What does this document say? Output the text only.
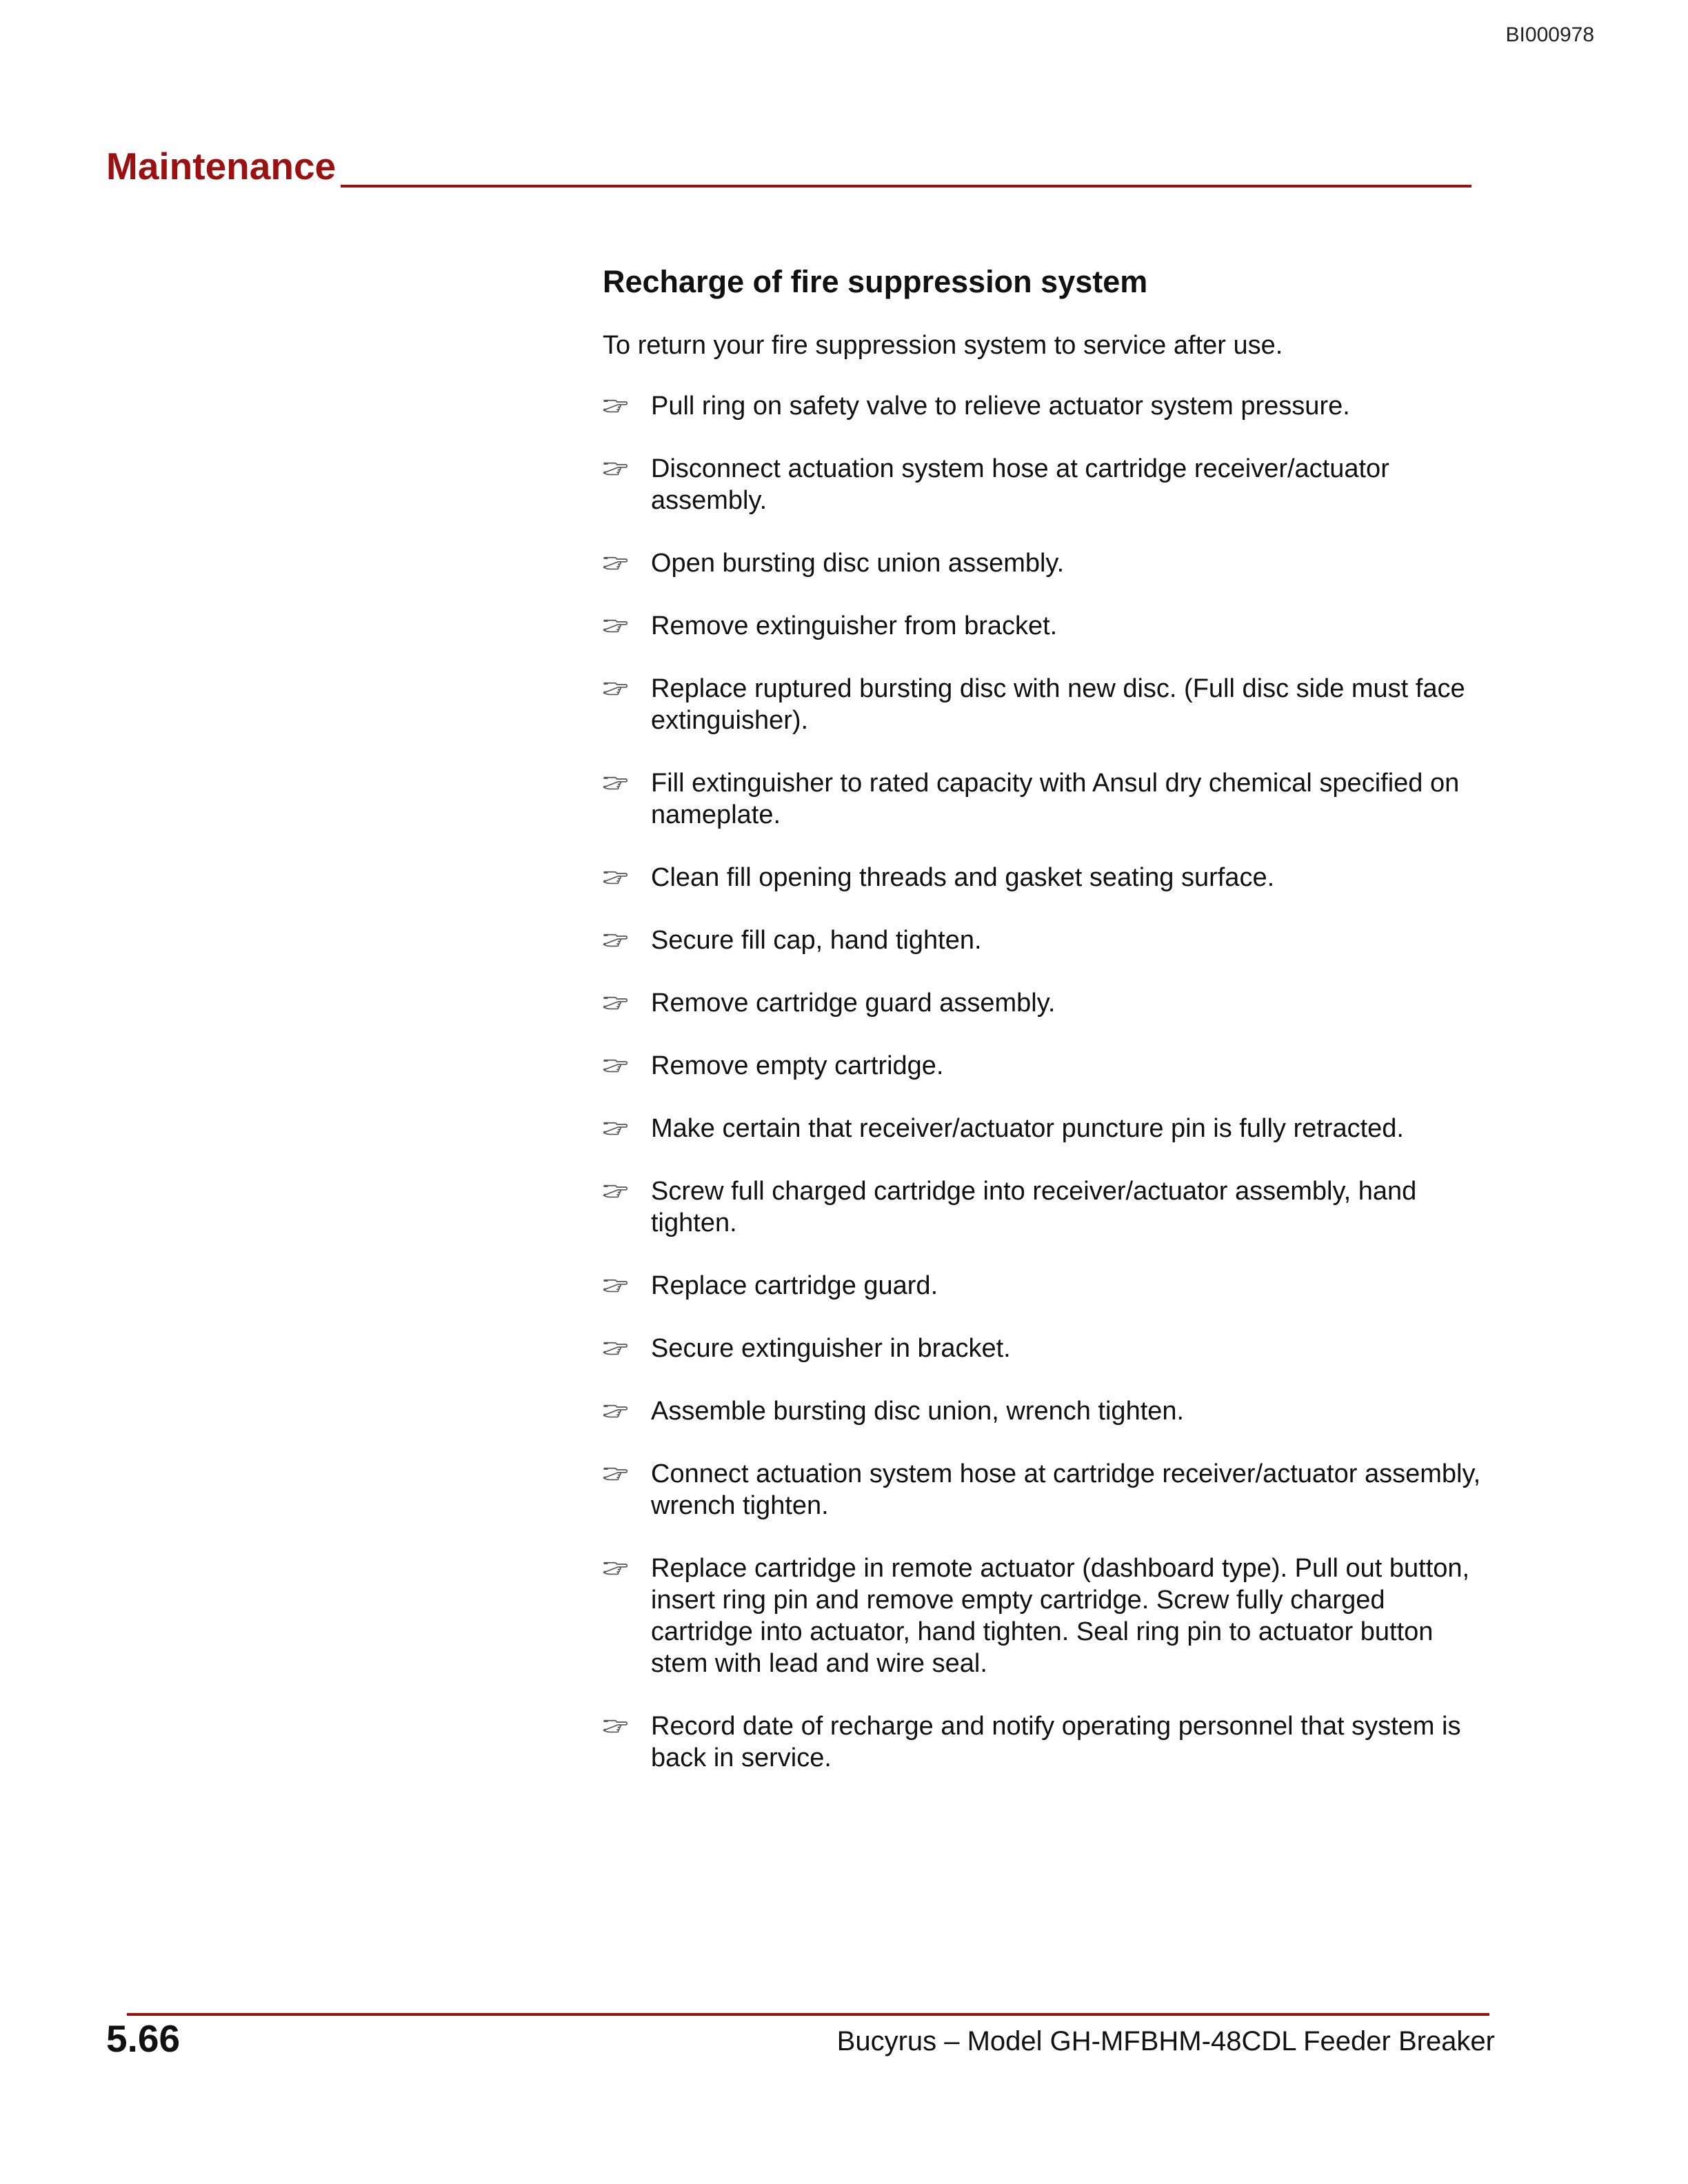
BI000978
Maintenance
Recharge of fire suppression system

To return your fire suppression system to service after use.

Pull ring on safety valve to relieve actuator system pressure.
Disconnect actuation system hose at cartridge receiver/actuator assembly.
Open bursting disc union assembly.
Remove extinguisher from bracket.
Replace ruptured bursting disc with new disc. (Full disc side must face extinguisher).
Fill extinguisher to rated capacity with Ansul dry chemical specified on nameplate.
Clean fill opening threads and gasket seating surface.
Secure fill cap, hand tighten.
Remove cartridge guard assembly.
Remove empty cartridge.
Make certain that receiver/actuator puncture pin is fully retracted.
Screw full charged cartridge into receiver/actuator assembly, hand tighten.
Replace cartridge guard.
Secure extinguisher in bracket.
Assemble bursting disc union, wrench tighten.
Connect actuation system hose at cartridge receiver/actuator assembly, wrench tighten.
Replace cartridge in remote actuator (dashboard type). Pull out button, insert ring pin and remove empty cartridge. Screw fully charged cartridge into actuator, hand tighten. Seal ring pin to actuator button stem with lead and wire seal.
Record date of recharge and notify operating personnel that system is back in service.
5.66	Bucyrus – Model GH-MFBHM-48CDL Feeder Breaker
